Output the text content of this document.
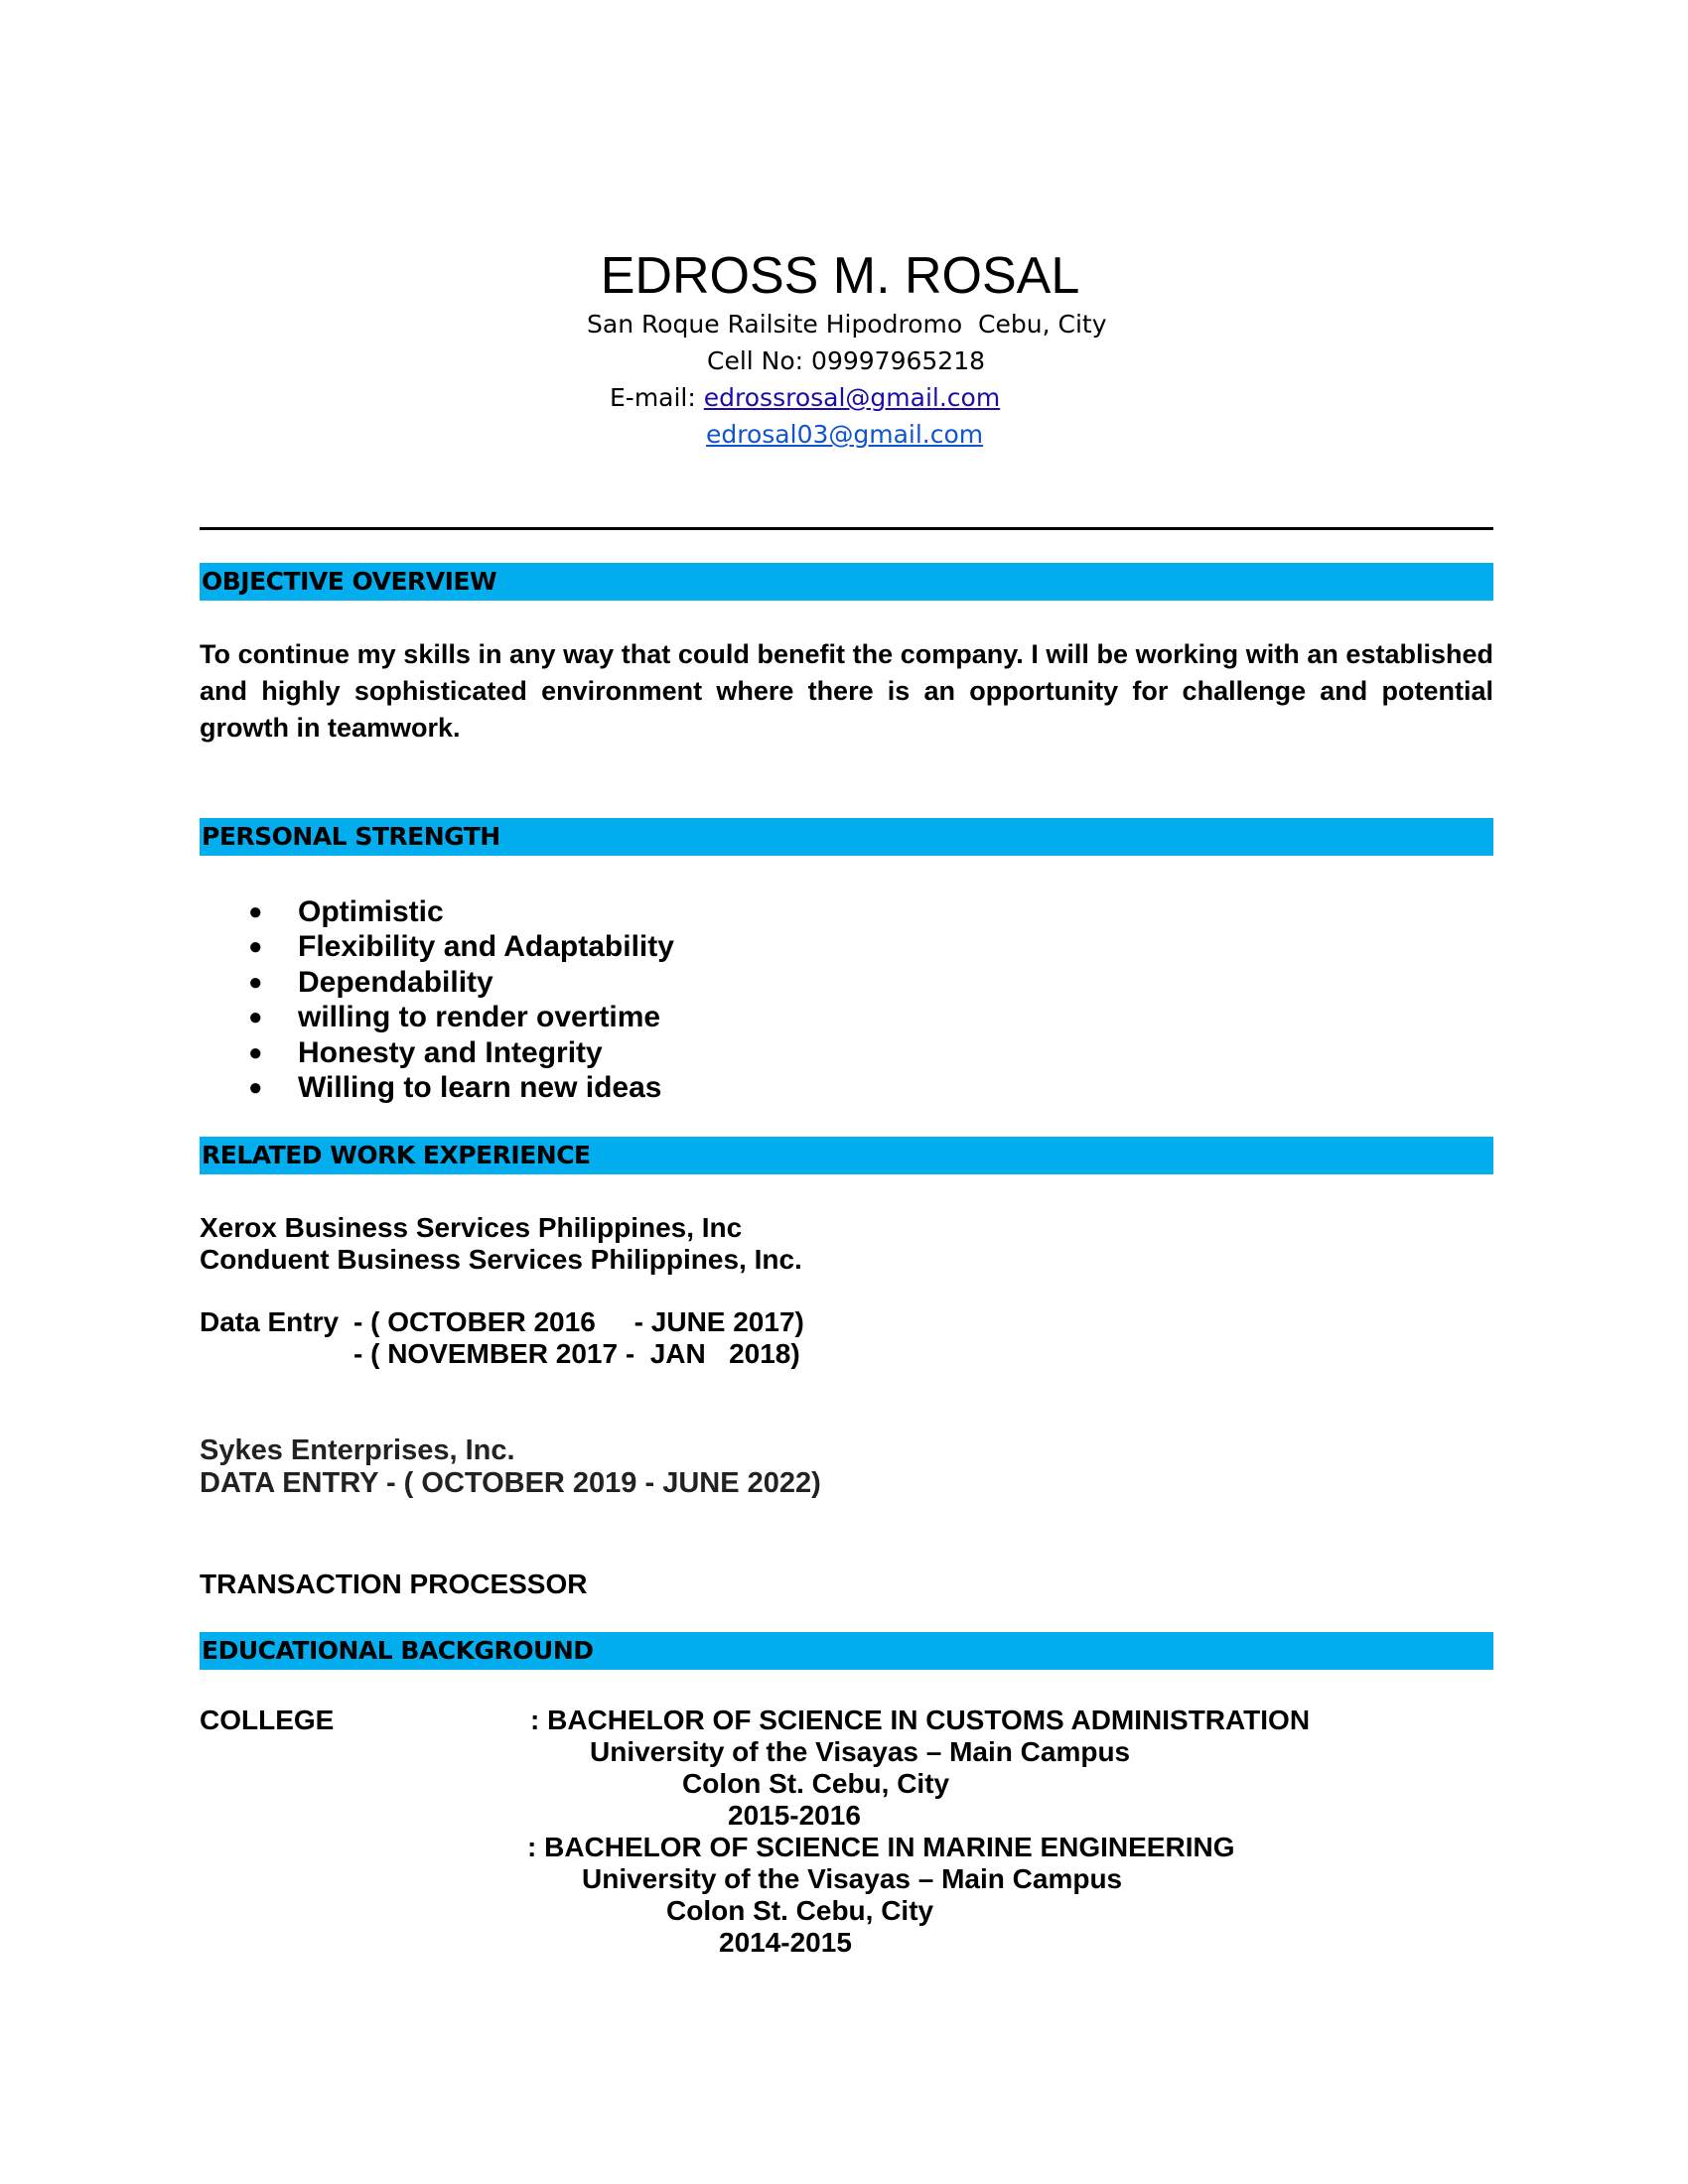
EDROSS M. ROSAL
San Roque Railsite Hipodromo  Cebu, City
Cell No: 09997965218
E-mail: edrossrosal@gmail.com
edrosal03@gmail.com
OBJECTIVE OVERVIEW

To continue my skills in any way that could benefit the company. I will be working with an established and highly sophisticated environment where there is an opportunity for challenge and potential growth in teamwork.

PERSONAL STRENGTH
● Optimistic
● Flexibility and Adaptability
● Dependability
● willing to render overtime
● Honesty and Integrity
● Willing to learn new ideas
RELATED WORK EXPERIENCE
Xerox Business Services Philippines, Inc
Conduent Business Services Philippines, Inc.
Data Entry - ( OCTOBER 2016     - JUNE 2017)
- ( NOVEMBER 2017 -  JAN   2018)
Sykes Enterprises, Inc.
DATA ENTRY - ( OCTOBER 2019 - JUNE 2022)
TRANSACTION PROCESSOR
EDUCATIONAL BACKGROUND
COLLEGE	: BACHELOR OF SCIENCE IN CUSTOMS ADMINISTRATION
University of the Visayas – Main Campus
Colon St. Cebu, City
2015-2016
: BACHELOR OF SCIENCE IN MARINE ENGINEERING
University of the Visayas – Main Campus
Colon St. Cebu, City
2014-2015
